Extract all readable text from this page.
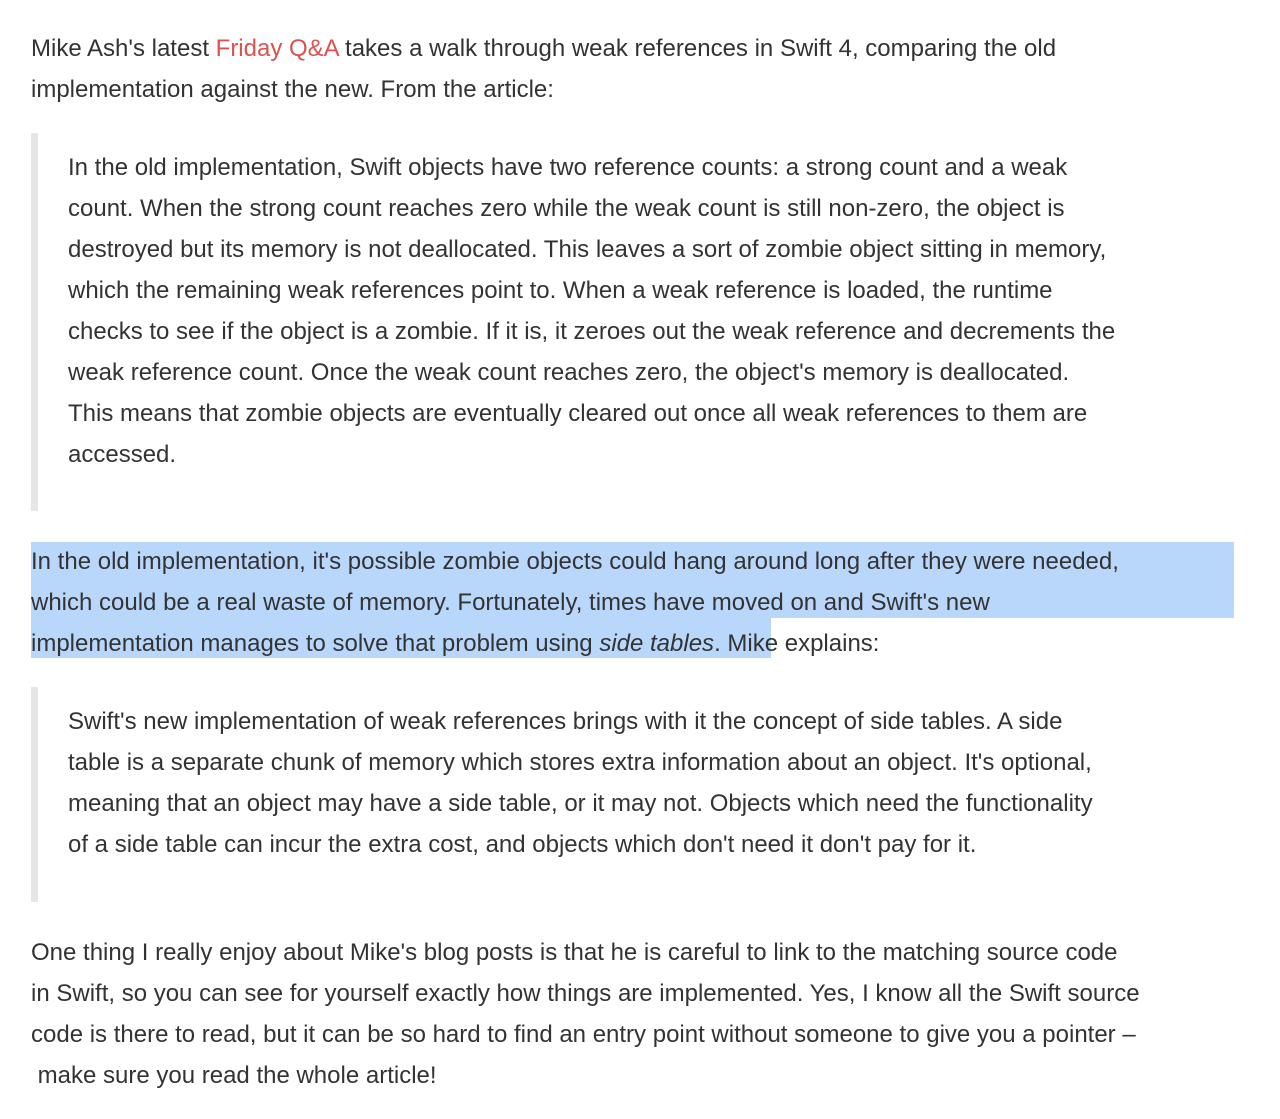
Mike Ash's latest Friday Q&A takes a walk through weak references in Swift 4, comparing the old
implementation against the new. From the article:

In the old implementation, Swift objects have two reference counts: a strong count and a weak
count. When the strong count reaches zero while the weak count is still non-zero, the object is
destroyed but its memory is not deallocated. This leaves a sort of zombie object sitting in memory,
which the remaining weak references point to. When a weak reference is loaded, the runtime
checks to see if the object is a zombie. If it is, it zeroes out the weak reference and decrements the
weak reference count. Once the weak count reaches zero, the object's memory is deallocated.
This means that zombie objects are eventually cleared out once all weak references to them are
accessed.

In the old implementation, it's possible zombie objects could hang around long after they were needed,
which could be a real waste of memory. Fortunately, times have moved on and Swift's new
implementation manages to solve that problem using side tables. Mike explains:

Swift's new implementation of weak references brings with it the concept of side tables. A side
table is a separate chunk of memory which stores extra information about an object. It's optional,
meaning that an object may have a side table, or it may not. Objects which need the functionality
of a side table can incur the extra cost, and objects which don't need it don't pay for it.

One thing I really enjoy about Mike's blog posts is that he is careful to link to the matching source code
in Swift, so you can see for yourself exactly how things are implemented. Yes, I know all the Swift source
code is there to read, but it can be so hard to find an entry point without someone to give you a pointer –
make sure you read the whole article!
